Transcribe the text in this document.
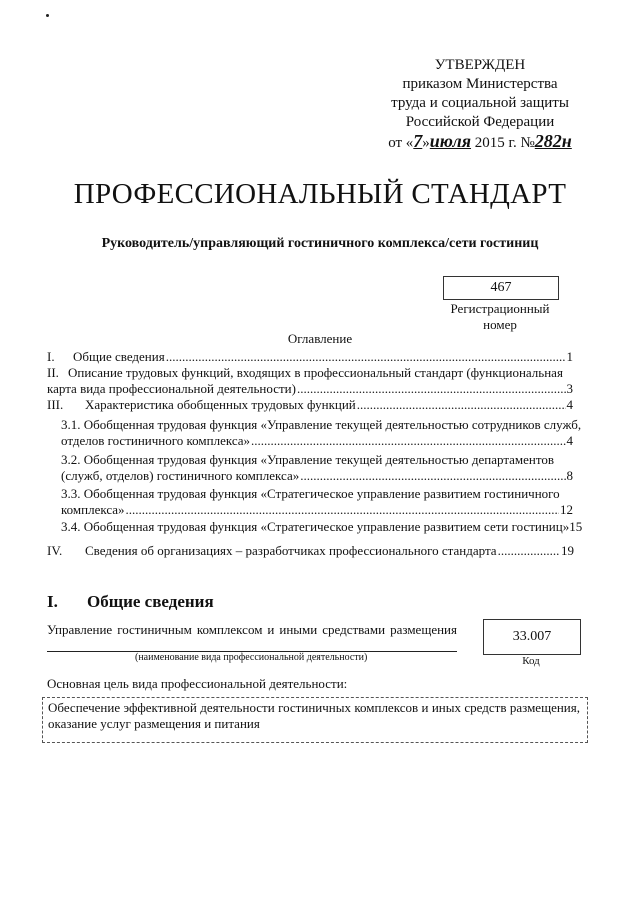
УТВЕРЖДЕН
приказом Министерства
труда и социальной защиты
Российской Федерации
от «7»июля 2015 г. №282н
ПРОФЕССИОНАЛЬНЫЙ СТАНДАРТ
Руководитель/управляющий гостиничного комплекса/сети гостиниц
467
Регистрационный
номер
Оглавление
I.	Общие сведения .....	1
II. Описание трудовых функций, входящих в профессиональный стандарт (функциональная
карта вида профессиональной деятельности) .....	3
III.	Характеристика обобщенных трудовых функций .....	4
3.1. Обобщенная трудовая функция «Управление текущей деятельностью сотрудников служб,
отделов гостиничного комплекса» .....	4
3.2. Обобщенная трудовая функция «Управление текущей деятельностью департаментов
(служб, отделов) гостиничного комплекса» .....	8
3.3. Обобщенная трудовая функция «Стратегическое управление развитием гостиничного
комплекса» .....	12
3.4. Обобщенная трудовая функция «Стратегическое управление развитием сети гостиниц» 15
IV.	Сведения об организациях – разработчиках профессионального стандарта .....	19
I. Общие сведения
Управление гостиничным комплексом и иными средствами размещения
(наименование вида профессиональной деятельности)
33.007
Код
Основная цель вида профессиональной деятельности:
Обеспечение эффективной деятельности гостиничных комплексов и иных средств размещения, оказание услуг размещения и питания
